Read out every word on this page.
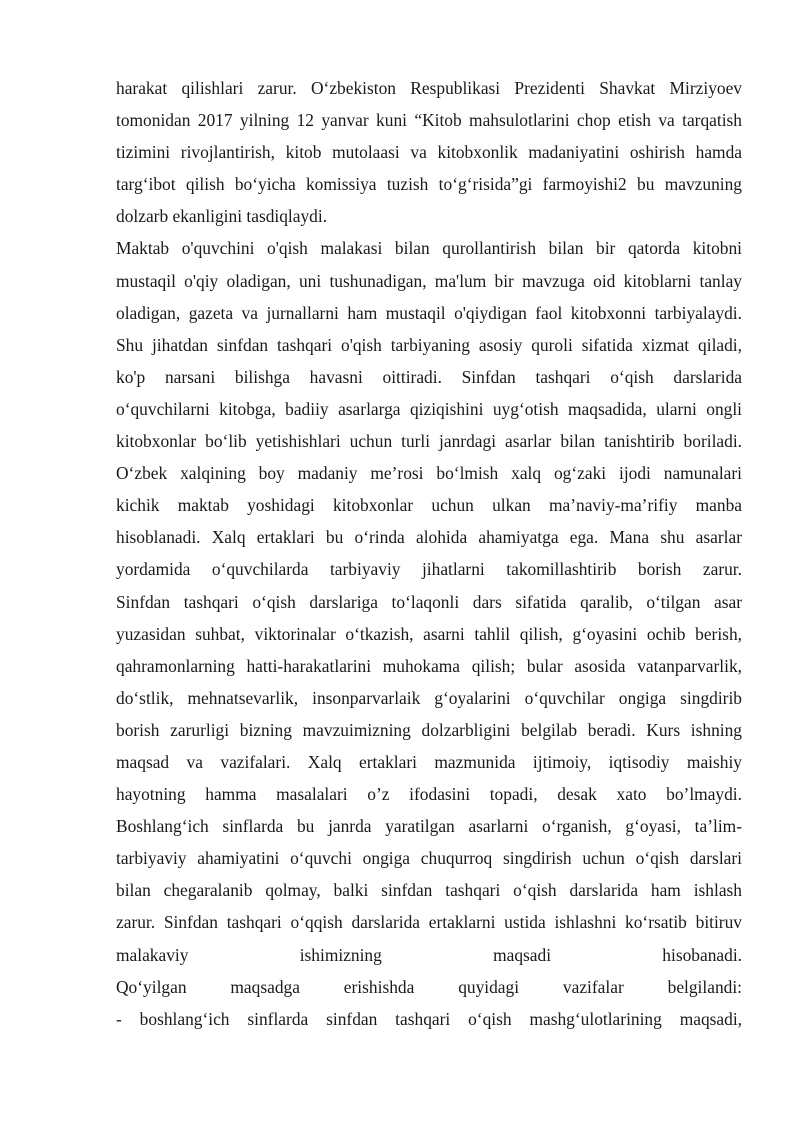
harakat qilishlari zarur. O‘zbekiston Respublikasi Prezidenti Shavkat Mirziyoev
tomonidan 2017 yilning 12 yanvar kuni “Kitob mahsulotlarini chop etish va tarqatish
tizimini rivojlantirish, kitob mutolaasi va kitobxonlik madaniyatini oshirish hamda
targ‘ibot qilish bo‘yicha komissiya tuzish to‘g‘risida”gi farmoyishi2 bu mavzuning
dolzarb ekanligini tasdiqlaydi.
Maktab o'quvchini o'qish malakasi bilan qurollantirish bilan bir qatorda kitobni
mustaqil o'qiy oladigan, uni tushunadigan, ma'lum bir mavzuga oid kitoblarni tanlay
oladigan, gazeta va jurnallarni ham mustaqil o'qiydigan faol kitobxonni tarbiyalaydi.
Shu jihatdan sinfdan tashqari o'qish tarbiyaning asosiy quroli sifatida xizmat qiladi,
ko'p narsani bilishga havasni oittiradi. Sinfdan tashqari o‘qish darslarida
o‘quvchilarni kitobga, badiiy asarlarga qiziqishini uyg‘otish maqsadida, ularni ongli
kitobxonlar bo‘lib yetishishlari uchun turli janrdagi asarlar bilan tanishtirib boriladi.
O‘zbek xalqining boy madaniy me’rosi bo‘lmish xalq og‘zaki ijodi namunalari
kichik maktab yoshidagi kitobxonlar uchun ulkan ma’naviy-ma’rifiy manba
hisoblanadi. Xalq ertaklari bu o‘rinda alohida ahamiyatga ega. Mana shu asarlar
yordamida o‘quvchilarda tarbiyaviy jihatlarni takomillashtirib borish zarur.
Sinfdan tashqari o‘qish darslariga to‘laqonli dars sifatida qaralib, o‘tilgan asar
yuzasidan suhbat, viktorinalar o‘tkazish, asarni tahlil qilish, g‘oyasini ochib berish,
qahramonlarning hatti-harakatlarini muhokama qilish; bular asosida vatanparvarlik,
do‘stlik, mehnatsevarlik, insonparvarlaik g‘oyalarini o‘quvchilar ongiga singdirib
borish zarurligi bizning mavzuimizning dolzarbligini belgilab beradi. Kurs ishning
maqsad va vazifalari. Xalq ertaklari mazmunida ijtimoiy, iqtisodiy maishiy
hayotning hamma masalalari o’z ifodasini topadi, desak xato bo’lmaydi.
Boshlang‘ich sinflarda bu janrda yaratilgan asarlarni o‘rganish, g‘oyasi, ta’lim-
tarbiyaviy ahamiyatini o‘quvchi ongiga chuqurroq singdirish uchun o‘qish darslari
bilan chegaralanib qolmay, balki sinfdan tashqari o‘qish darslarida ham ishlash
zarur. Sinfdan tashqari o‘qqish darslarida ertaklarni ustida ishlashni ko‘rsatib bitiruv
malakaviy ishimizning maqsadi hisobanadi.
Qo‘yilgan maqsadga erishishda quyidagi vazifalar belgilandi:
- boshlang‘ich sinflarda sinfdan tashqari o‘qish mashg‘ulotlarining maqsadi,
